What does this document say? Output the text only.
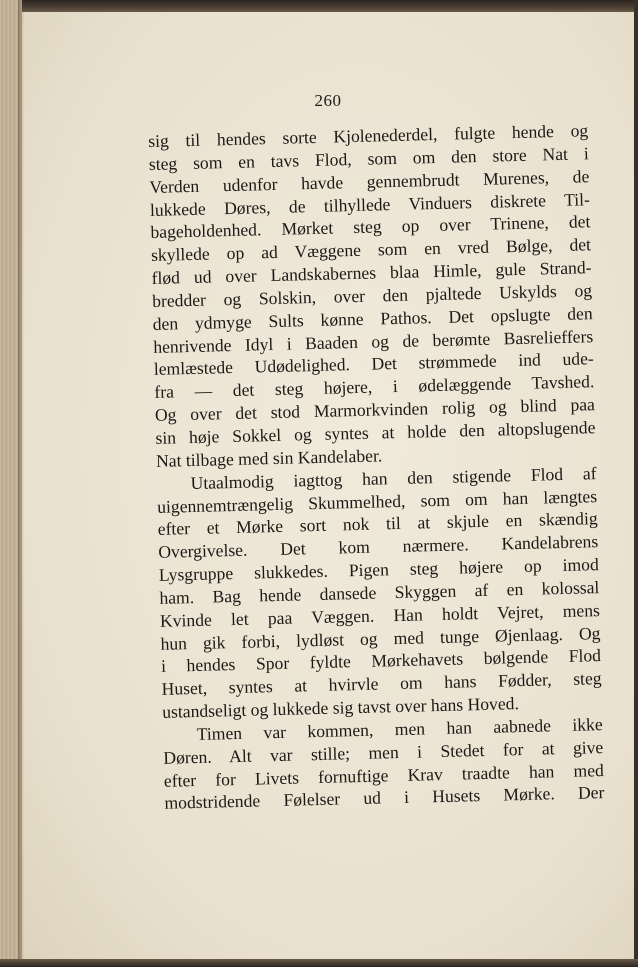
260
sig til hendes sorte Kjolenederdel, fulgte hende og
steg som en tavs Flod, som om den store Nat i
Verden udenfor havde gennembrudt Murenes, de
lukkede Døres, de tilhyllede Vinduers diskrete Til-
bageholdenhed. Mørket steg op over Trinene, det
skyllede op ad Væggene som en vred Bølge, det
flød ud over Landskabernes blaa Himle, gule Strand-
bredder og Solskin, over den pjaltede Uskylds og
den ydmyge Sults kønne Pathos. Det opslugte den
henrivende Idyl i Baaden og de berømte Basrelieffers
lemlæstede Udødelighed. Det strømmede ind ude-
fra — det steg højere, i ødelæggende Tavshed.
Og over det stod Marmorkvinden rolig og blind paa
sin høje Sokkel og syntes at holde den altopslugende
Nat tilbage med sin Kandelaber.
Utaalmodig iagttog han den stigende Flod af
uigennemtrængelig Skummelhed, som om han længtes
efter et Mørke sort nok til at skjule en skændig
Overgivelse. Det kom nærmere. Kandelabrens
Lysgruppe slukkedes. Pigen steg højere op imod
ham. Bag hende dansede Skyggen af en kolossal
Kvinde let paa Væggen. Han holdt Vejret, mens
hun gik forbi, lydløst og med tunge Øjenlaag. Og
i hendes Spor fyldte Mørkehavets bølgende Flod
Huset, syntes at hvirvle om hans Fødder, steg
ustandseligt og lukkede sig tavst over hans Hoved.
Timen var kommen, men han aabnede ikke
Døren. Alt var stille; men i Stedet for at give
efter for Livets fornuftige Krav traadte han med
modstridende Følelser ud i Husets Mørke. Der
